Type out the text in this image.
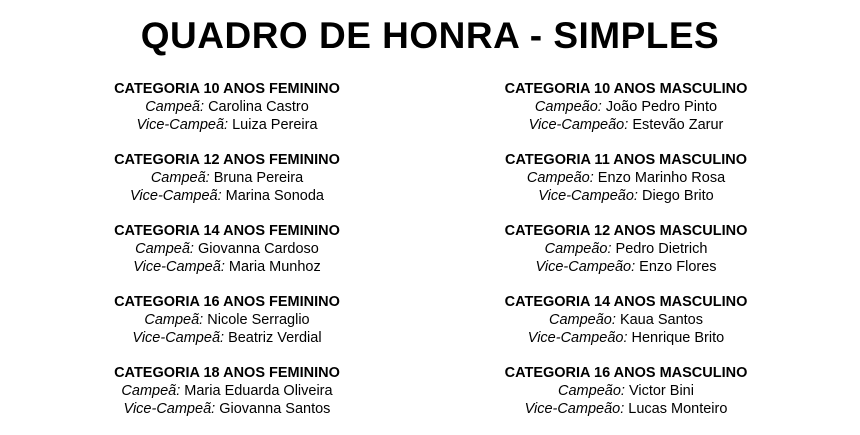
QUADRO DE HONRA - SIMPLES
CATEGORIA 10 ANOS FEMININO
Campeã: Carolina Castro
Vice-Campeã: Luiza Pereira
CATEGORIA 12 ANOS FEMININO
Campeã: Bruna Pereira
Vice-Campeã: Marina Sonoda
CATEGORIA 14 ANOS FEMININO
Campeã: Giovanna Cardoso
Vice-Campeã: Maria Munhoz
CATEGORIA 16 ANOS FEMININO
Campeã: Nicole Serraglio
Vice-Campeã: Beatriz Verdial
CATEGORIA 18 ANOS FEMININO
Campeã: Maria Eduarda Oliveira
Vice-Campeã: Giovanna Santos
CATEGORIA 10 ANOS MASCULINO
Campeão: João Pedro Pinto
Vice-Campeão: Estevão Zarur
CATEGORIA 11 ANOS MASCULINO
Campeão: Enzo Marinho Rosa
Vice-Campeão: Diego Brito
CATEGORIA 12 ANOS MASCULINO
Campeão: Pedro Dietrich
Vice-Campeão: Enzo Flores
CATEGORIA 14 ANOS MASCULINO
Campeão: Kaua Santos
Vice-Campeão: Henrique Brito
CATEGORIA 16 ANOS MASCULINO
Campeão: Victor Bini
Vice-Campeão: Lucas Monteiro
